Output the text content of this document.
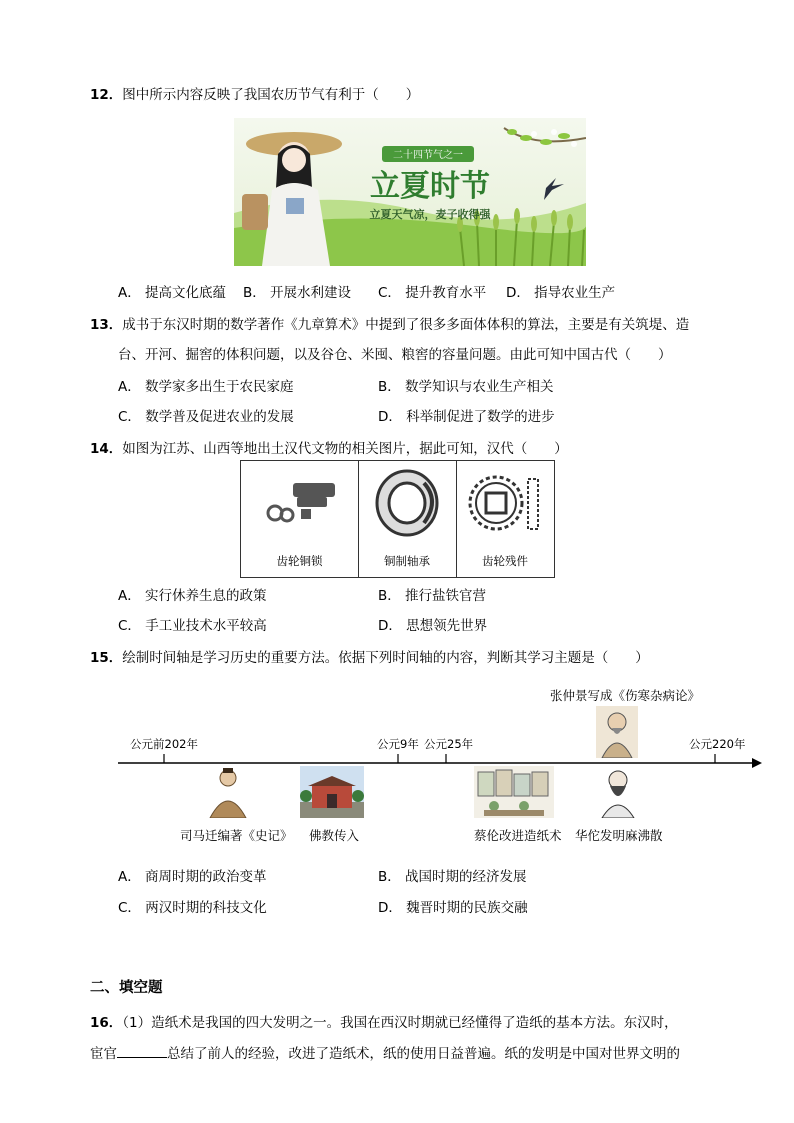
12．图中所示内容反映了我国农历节气有利于（　　）
二十四节气之一
立夏时节
立夏天气凉，麦子收得强
A． 提高文化底蕴 B． 开展水利建设 C． 提升教育水平 D． 指导农业生产
13．成书于东汉时期的数学著作《九章算术》中提到了很多多面体体积的算法，主要是有关筑堤、造
台、开河、掘窖的体积问题，以及谷仓、米囤、粮窖的容量问题。由此可知中国古代（　　）
A． 数学家多出生于农民家庭	B． 数学知识与农业生产相关
C． 数学普及促进农业的发展	D． 科举制促进了数学的进步
14．如图为江苏、山西等地出土汉代文物的相关图片，据此可知，汉代（　　）
齿轮铜锁	铜制轴承	齿轮残件
A． 实行休养生息的政策	B． 推行盐铁官营
C． 手工业技术水平较高	D． 思想领先世界
15．绘制时间轴是学习历史的重要方法。依据下列时间轴的内容，判断其学习主题是（　　）
张仲景写成《伤寒杂病论》
公元前202年	公元9年 公元25年	公元220年
司马迁编著《史记》 佛教传入	蔡伦改进造纸术 华佗发明麻沸散
A． 商周时期的政治变革	B． 战国时期的经济发展
C． 两汉时期的科技文化	D． 魏晋时期的民族交融
二、填空题
16．（1）造纸术是我国的四大发明之一。我国在西汉时期就已经懂得了造纸的基本方法。东汉时，
宦官	总结了前人的经验，改进了造纸术，纸的使用日益普遍。纸的发明是中国对世界文明的
